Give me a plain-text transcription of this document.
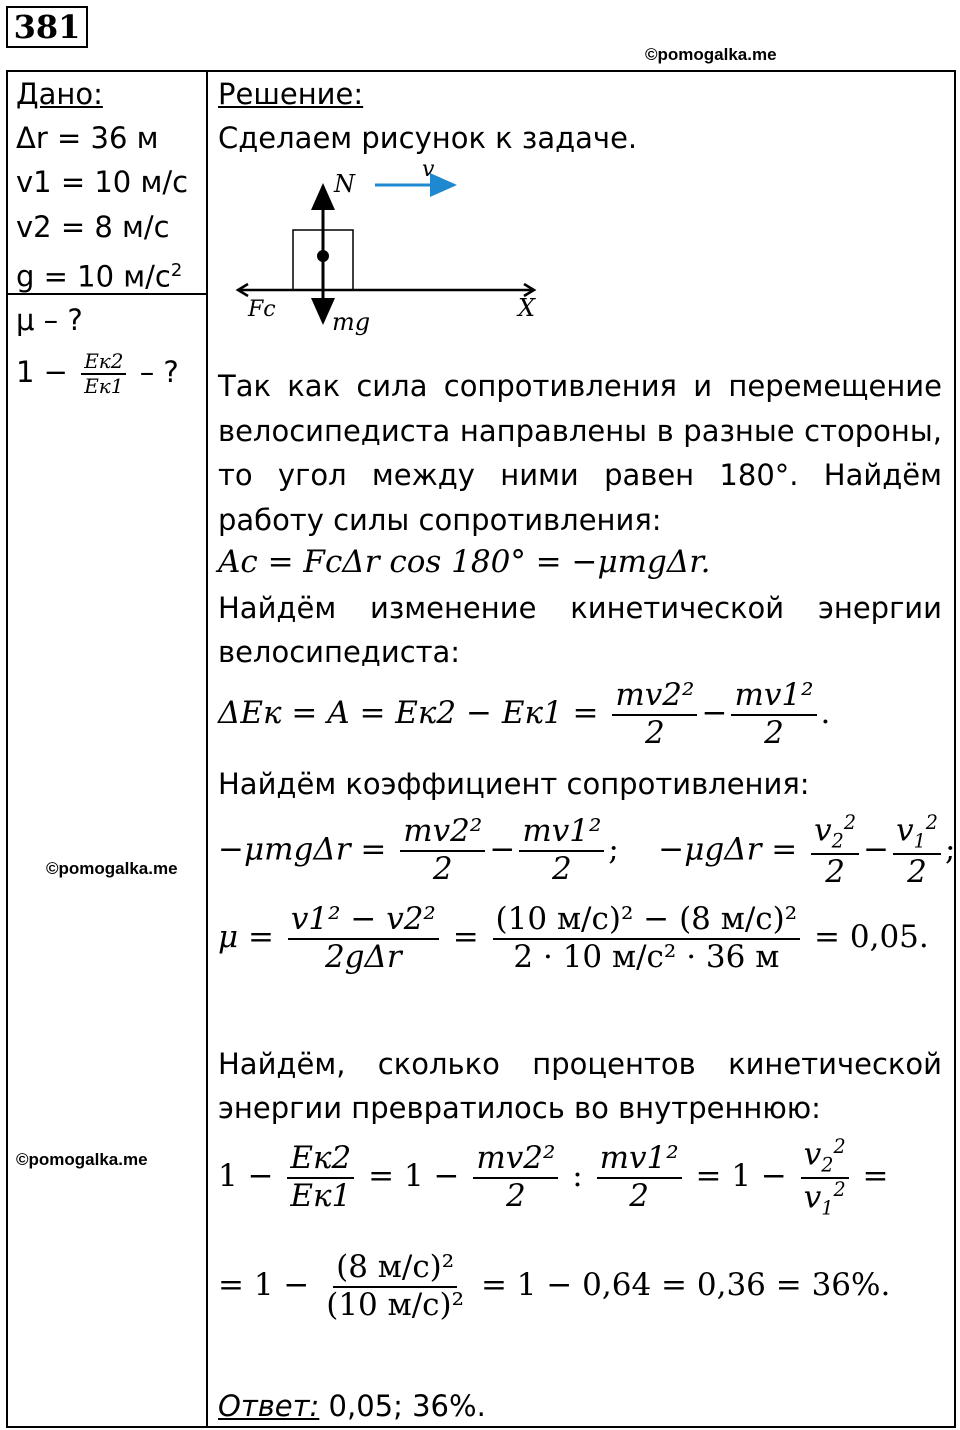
381
©pomogalka.me
©pomogalka.me
©pomogalka.me
Дано:
Δr = 36 м
v1 = 10 м/с
v2 = 8 м/с
g = 10 $м/с^2$
μ – ?
$1 - \frac{Eк2}{Eк1}$ – ?
Решение:
Сделаем рисунок к задаче.
N
v
Fc mg	X
Так как сила сопротивления и перемещение
велосипедиста направлены в разные стороны,
то угол между ними равен 180°. Найдём
работу силы сопротивления:
Aс = FсΔr cos 180° = −μmgΔr.
Найдём изменение кинетической энергии
велосипедиста:
$\Delta Eк = A = Eк2 - Eк1 = \frac{\text{mv2²}}{2} - \frac{\text{mv1²}}{2}$ .
Найдём коэффициент сопротивления:
$-\mu mg\Delta r = \frac{\text{mv2²}}{2} - \frac{\text{mv1²}}{2}$ ;    $-\mu g\Delta r = \frac{v_2^2}{2} - \frac{v_1^2}{2}$ ;
$\mu = \frac{\text{v1² − v2²}}{\text{2gΔr}} = \frac{\text{(10 м/с)² − (8 м/с)²}}{\text{2 · 10 м/с² · 36 м}} = 0,05$.
Найдём, сколько процентов кинетической
энергии превратилось во внутреннюю:
$1 - \frac{Eк2}{Eк1} = 1 - \frac{\text{mv2²}}{2}$ : $\frac{\text{mv1²}}{2} = 1 - \frac{v_2^2}{v_1^2}$ =
= $1 - \frac{\text{(8 м/с)²}}{\text{(10 м/с)²}} = 1 - 0,64 = 0,36 = 36\%$.
Ответ: 0,05; 36%.
